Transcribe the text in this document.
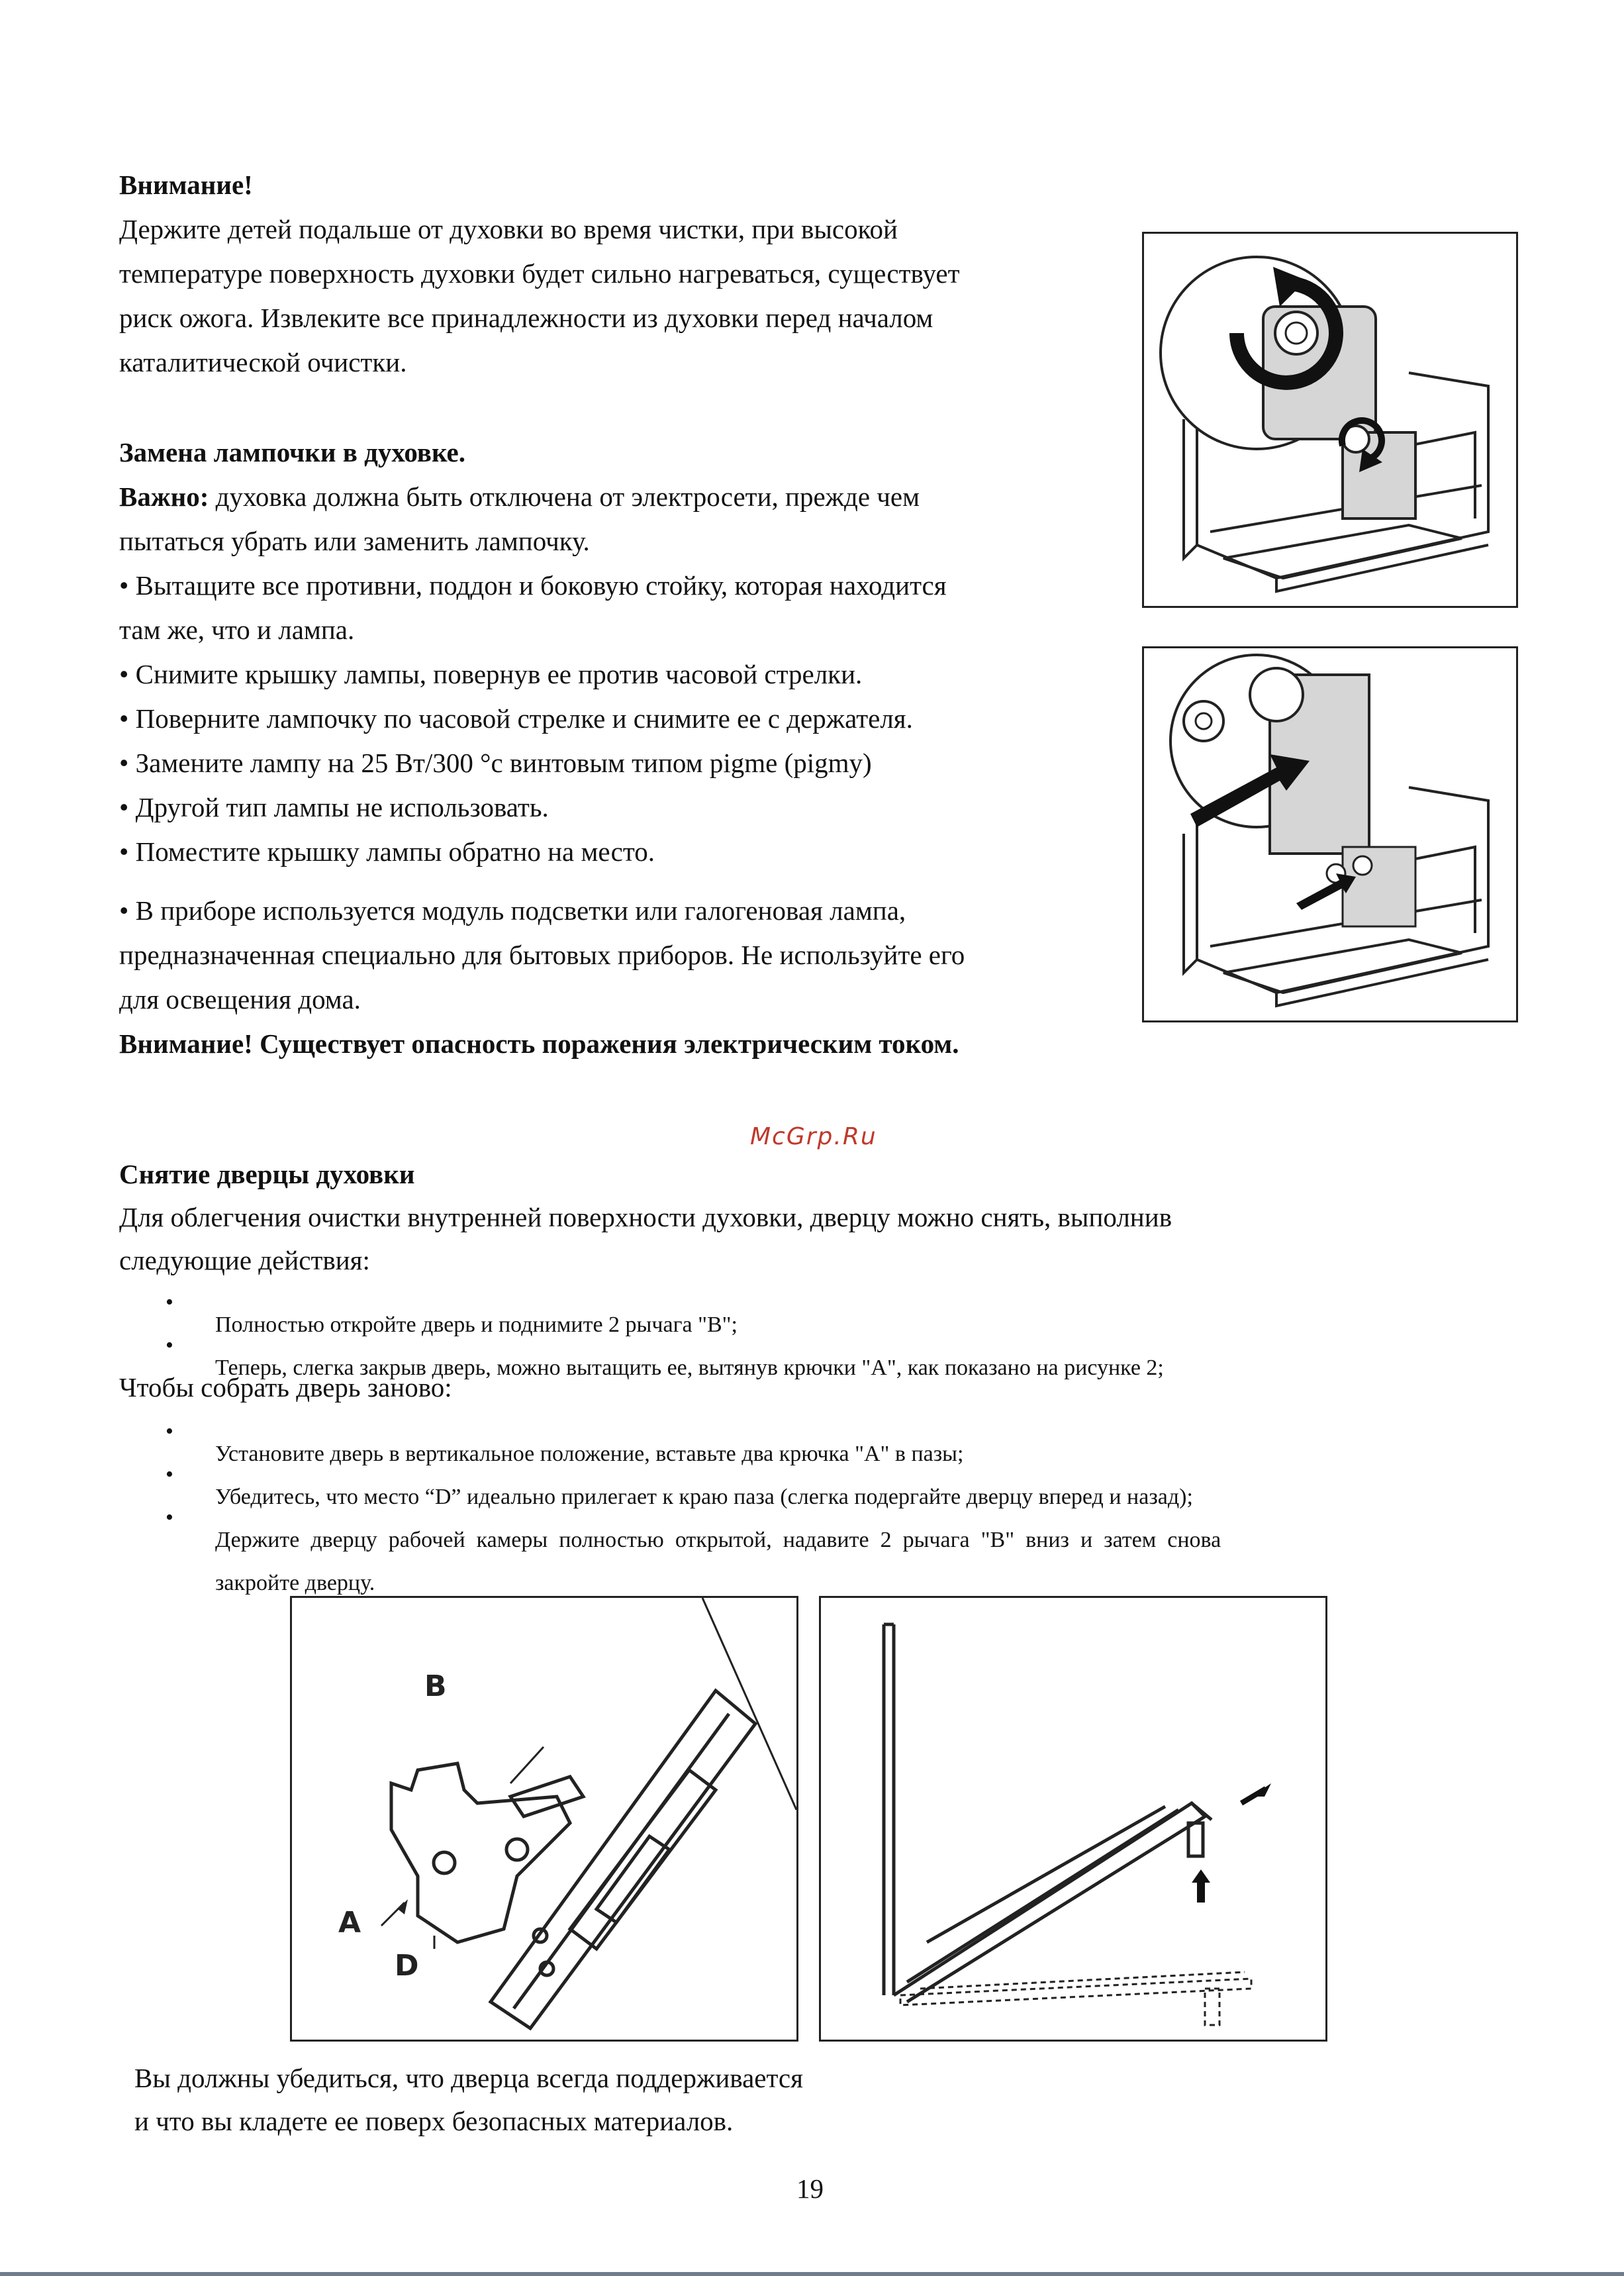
Внимание!

Держите детей подальше от духовки во время чистки, при высокой

температуре поверхность духовки будет сильно нагреваться, существует

риск ожога. Извлеките все принадлежности из духовки перед началом

каталитической очистки.

Замена лампочки в духовке.

Важно: духовка должна быть отключена от электросети, прежде чем

пытаться убрать или заменить лампочку.

• Вытащите все противни, поддон и боковую стойку, которая находится

там же, что и лампа.

• Снимите крышку лампы, повернув ее против часовой стрелки.

• Поверните лампочку по часовой стрелке и снимите ее с держателя.

• Замените лампу на 25 Вт/300 °c винтовым типом pigme (pigmy)

• Другой тип лампы не использовать.

• Поместите крышку лампы обратно на место.

• В приборе используется модуль подсветки или галогеновая лампа,

предназначенная специально для бытовых приборов. Не используйте его

для освещения дома.

Внимание! Существует опасность поражения электрическим током.

McGrp.Ru

Снятие дверцы духовки

Для облегчения очистки внутренней поверхности духовки, дверцу можно снять, выполнив

следующие действия:

•

Полностью откройте дверь и поднимите 2 рычага "В";

•

Теперь, слегка закрыв дверь, можно вытащить ее, вытянув крючки "А", как показано на рисунке 2;

Чтобы собрать дверь заново:

•

Установите дверь в вертикальное положение, вставьте два крючка "А" в пазы;

•

Убедитесь, что место “D” идеально прилегает к краю паза (слегка подергайте дверцу вперед и назад);

•

Держите  дверцу  рабочей  камеры  полностью  открытой,  надавите  2  рычага  "В"  вниз  и  затем  снова

закройте дверцу.

B
A
D

Вы должны убедиться, что дверца всегда поддерживается

и что вы кладете ее поверх безопасных материалов.

19
